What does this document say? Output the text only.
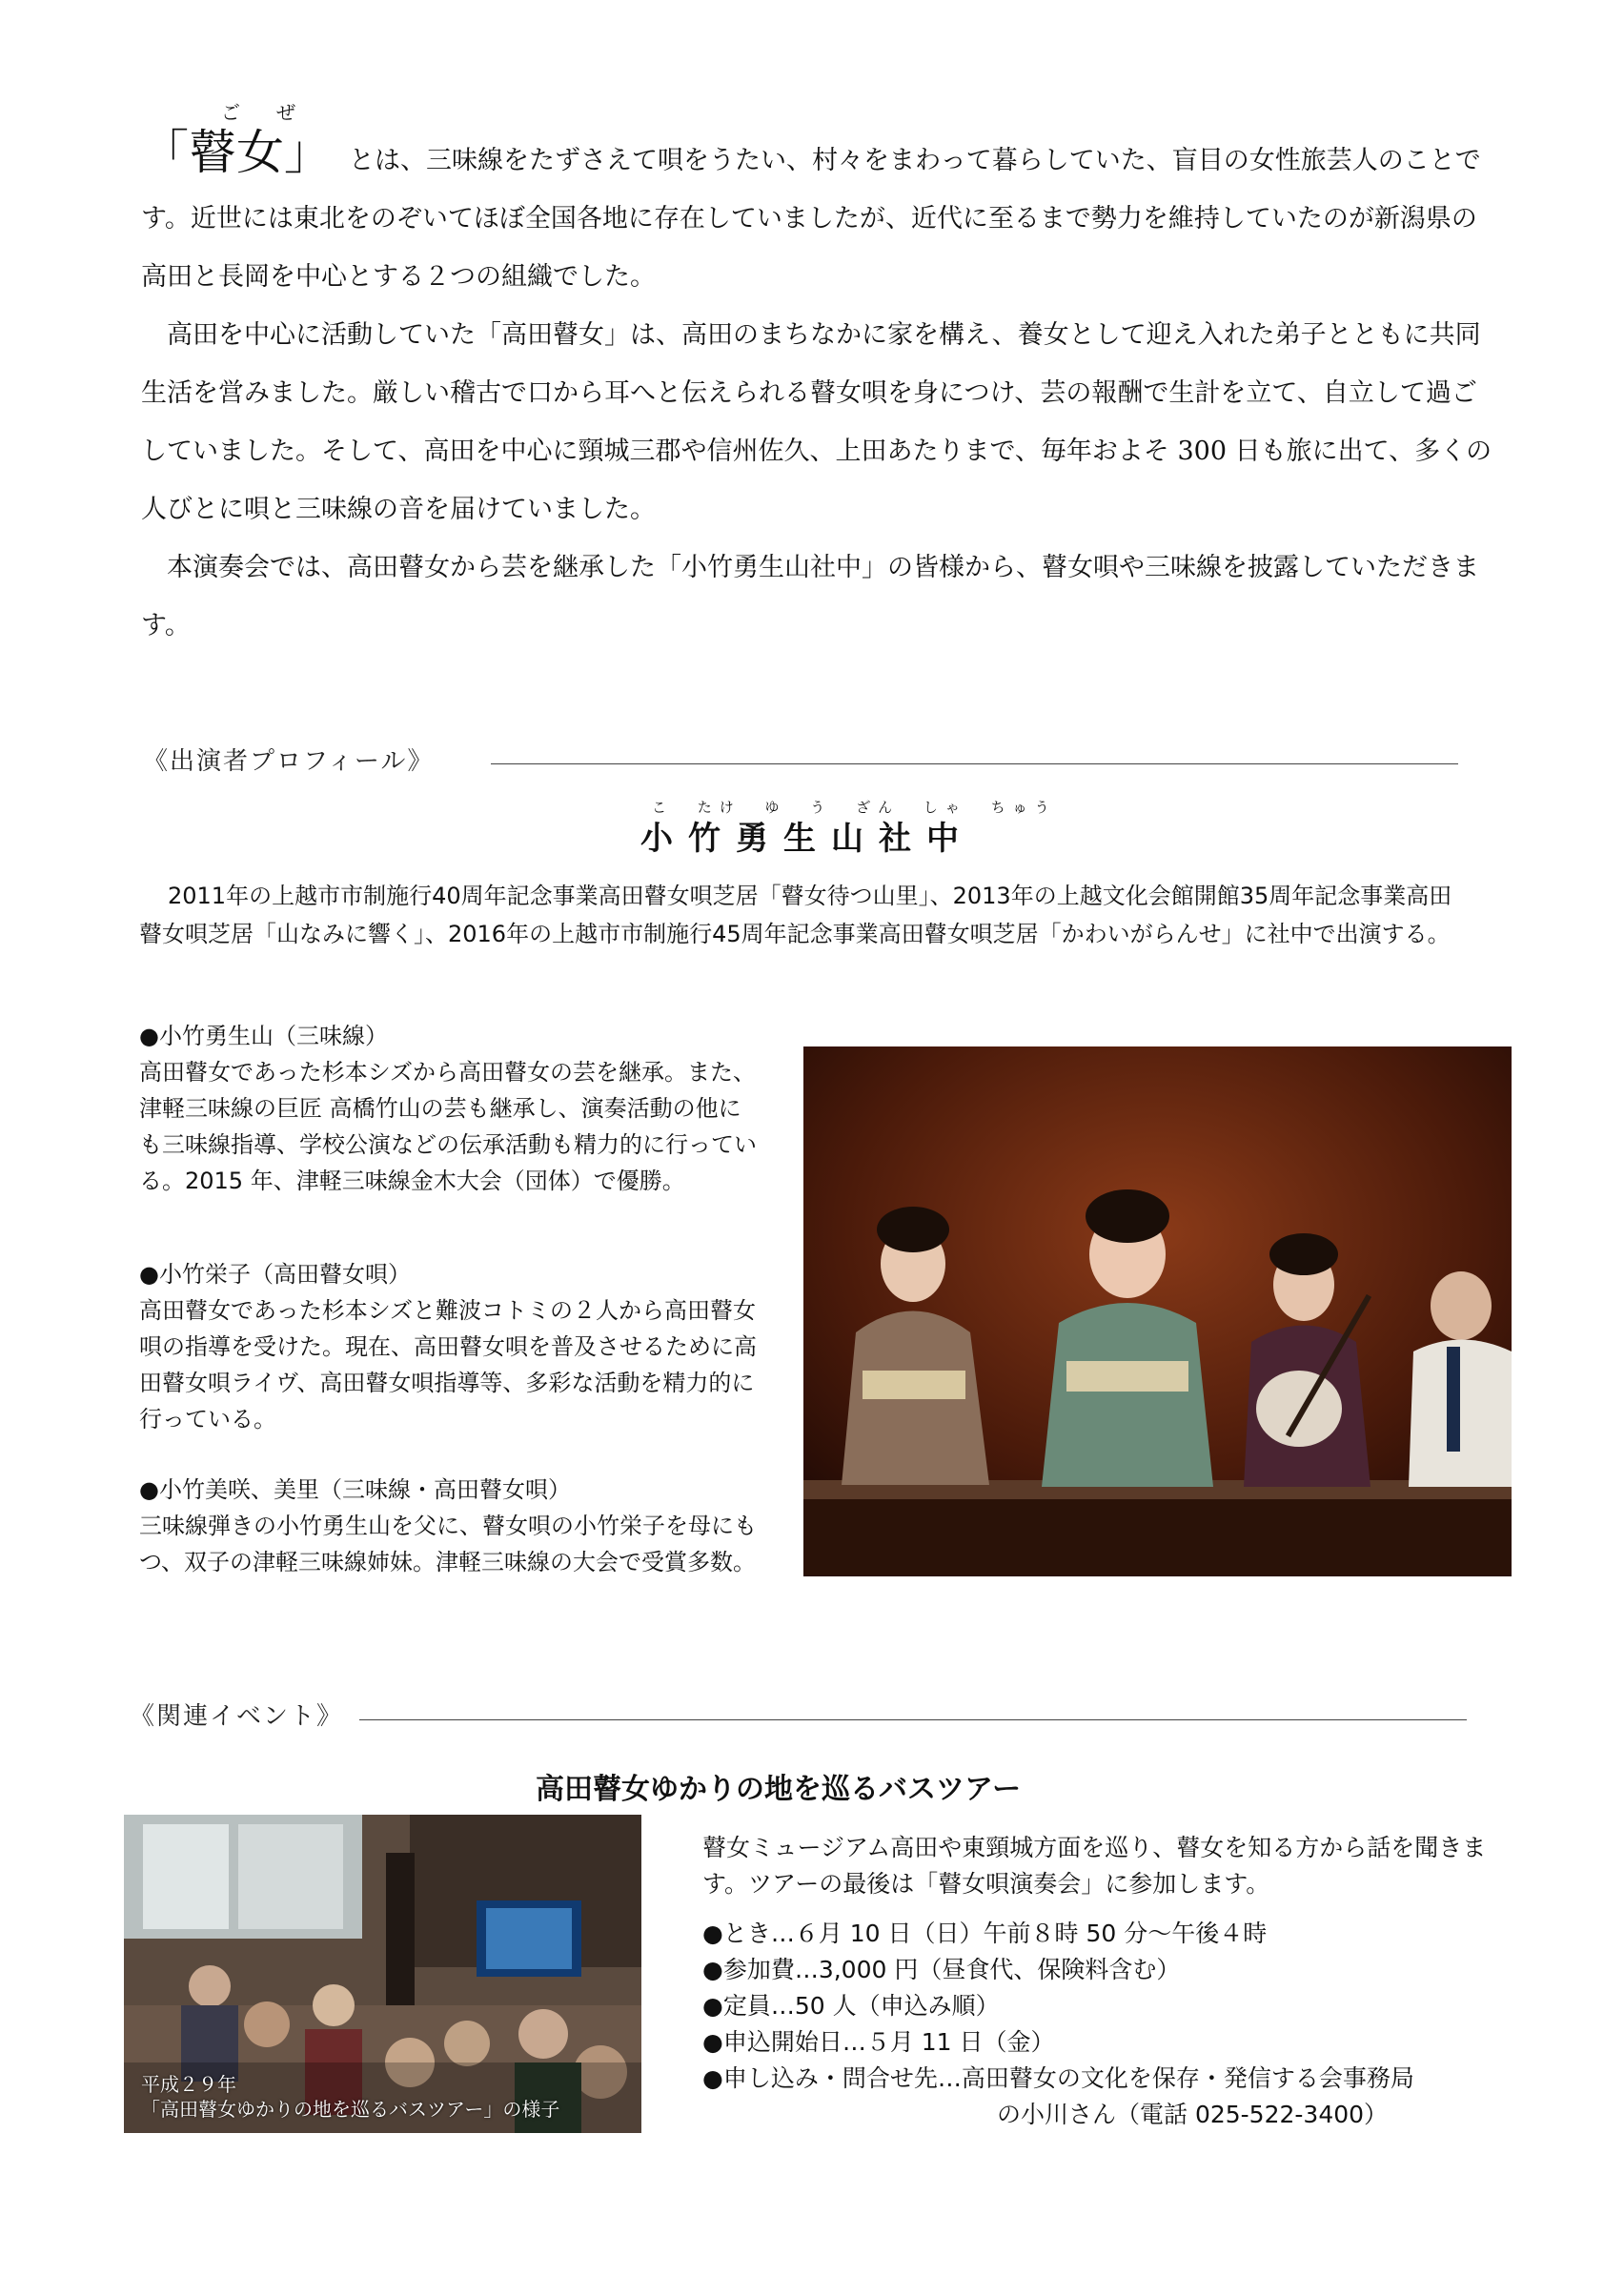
ごぜ
「瞽女」 とは、三味線をたずさえて唄をうたい、村々をまわって暮らしていた、盲目の女性旅芸人のことです。近世には東北をのぞいてほぼ全国各地に存在していましたが、近代に至るまで勢力を維持していたのが新潟県の高田と長岡を中心とする２つの組織でした。

高田を中心に活動していた「高田瞽女」は、高田のまちなかに家を構え、養女として迎え入れた弟子とともに共同生活を営みました。厳しい稽古で口から耳へと伝えられる瞽女唄を身につけ、芸の報酬で生計を立て、自立して過ごしていました。そして、高田を中心に頸城三郡や信州佐久、上田あたりまで、毎年およそ 300 日も旅に出て、多くの人びとに唄と三味線の音を届けていました。

本演奏会では、高田瞽女から芸を継承した「小竹勇生山社中」の皆様から、瞽女唄や三味線を披露していただきます。

《出演者プロフィール》
こ たけ ゆ う ざん しゃ ちゅう
小竹勇生山社中

2011年の上越市市制施行40周年記念事業高田瞽女唄芝居「瞽女待つ山里」、2013年の上越文化会館開館35周年記念事業高田瞽女唄芝居「山なみに響く」、2016年の上越市市制施行45周年記念事業高田瞽女唄芝居「かわいがらんせ」に社中で出演する。

●小竹勇生山（三味線）
高田瞽女であった杉本シズから高田瞽女の芸を継承。また、津軽三味線の巨匠 高橋竹山の芸も継承し、演奏活動の他にも三味線指導、学校公演などの伝承活動も精力的に行っている。2015 年、津軽三味線金木大会（団体）で優勝。
●小竹栄子（高田瞽女唄）
高田瞽女であった杉本シズと難波コトミの２人から高田瞽女唄の指導を受けた。現在、高田瞽女唄を普及させるために高田瞽女唄ライヴ、高田瞽女唄指導等、多彩な活動を精力的に行っている。
●小竹美咲、美里（三味線・高田瞽女唄）
三味線弾きの小竹勇生山を父に、瞽女唄の小竹栄子を母にもつ、双子の津軽三味線姉妹。津軽三味線の大会で受賞多数。
《関連イベント》
高田瞽女ゆかりの地を巡るバスツアー
平成２９年
「高田瞽女ゆかりの地を巡るバスツアー」の様子

瞽女ミュージアム高田や東頸城方面を巡り、瞽女を知る方から話を聞きます。ツアーの最後は「瞽女唄演奏会」に参加します。

●とき…６月 10 日（日）午前８時 50 分～午後４時
●参加費…3,000 円（昼食代、保険料含む）
●定員…50 人（申込み順）
●申込開始日…５月 11 日（金）
●申し込み・問合せ先…高田瞽女の文化を保存・発信する会事務局
の小川さん（電話 025-522-3400）
